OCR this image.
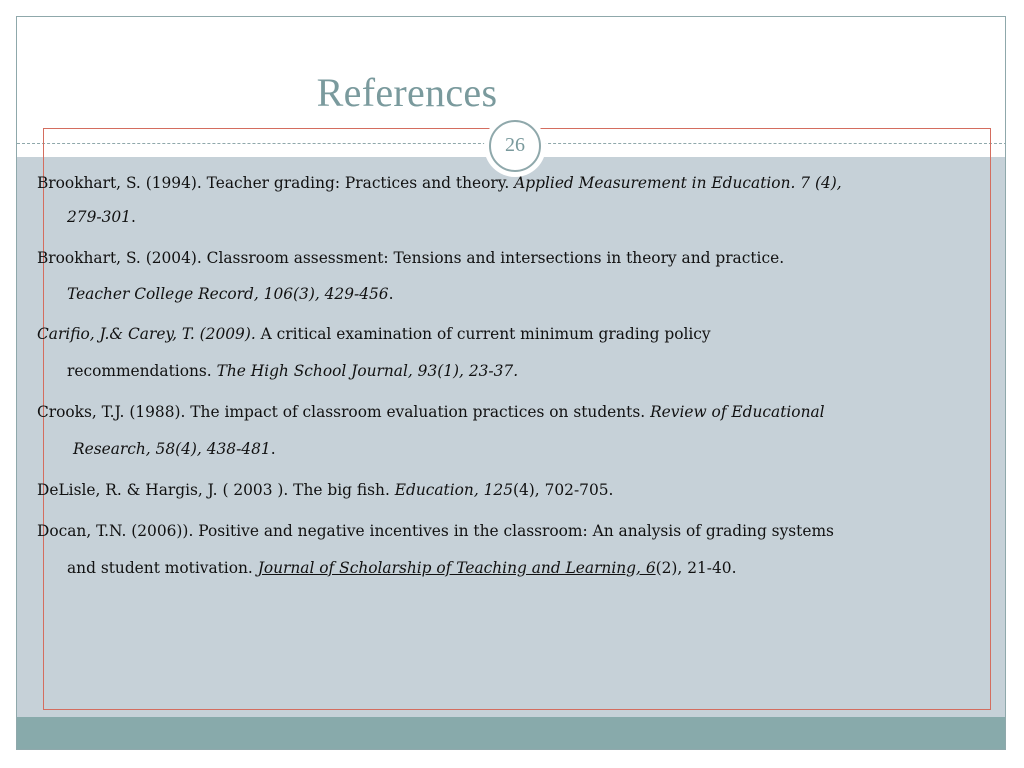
References
26
Brookhart, S. (1994). Teacher grading: Practices and theory. Applied Measurement in Education. 7 (4),
279-301.
Brookhart, S. (2004). Classroom assessment: Tensions and intersections in theory and practice.
Teacher College Record, 106(3), 429-456.
Carifio, J.& Carey, T. (2009). A critical examination of current minimum grading policy
recommendations. The High School Journal, 93(1), 23-37.
Crooks, T.J. (1988). The impact of classroom evaluation practices on students. Review of Educational
Research, 58(4), 438-481.
DeLisle, R. & Hargis, J. ( 2003 ). The big fish. Education, 125(4), 702-705.
Docan, T.N. (2006)). Positive and negative incentives in the classroom: An analysis of grading systems
and student motivation. Journal of Scholarship of Teaching and Learning, 6(2), 21-40.
